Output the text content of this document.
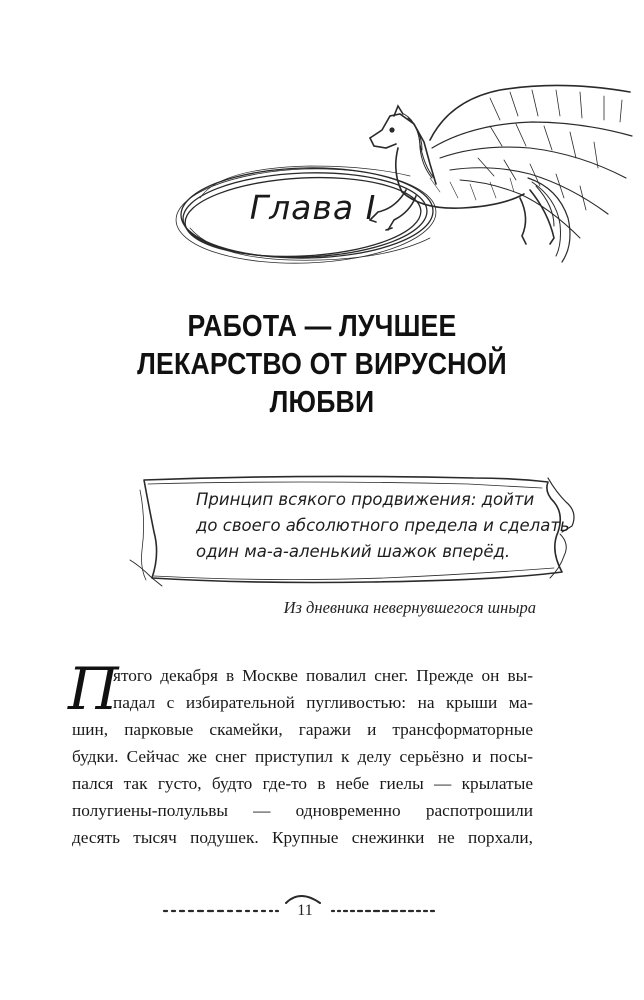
Глава I
РАБОТА — ЛУЧШЕЕ
ЛЕКАРСТВО ОТ ВИРУСНОЙ
ЛЮБВИ
Принцип всякого продвижения: дойти
до своего абсолютного предела и сделать
один ма-а-аленький шажок вперёд.
Из дневника невернувшегося шныра
П
ятого декабря в Москве повалил снег. Прежде он вы-
падал с избирательной пугливостью: на крыши ма-
шин, парковые скамейки, гаражи и трансформаторные
будки. Сейчас же снег приступил к делу серьёзно и посы-
пался так густо, будто где-то в небе гиелы — крылатые
полугиены-полульвы — одновременно распотрошили
десять тысяч подушек. Крупные снежинки не порхали,
11
